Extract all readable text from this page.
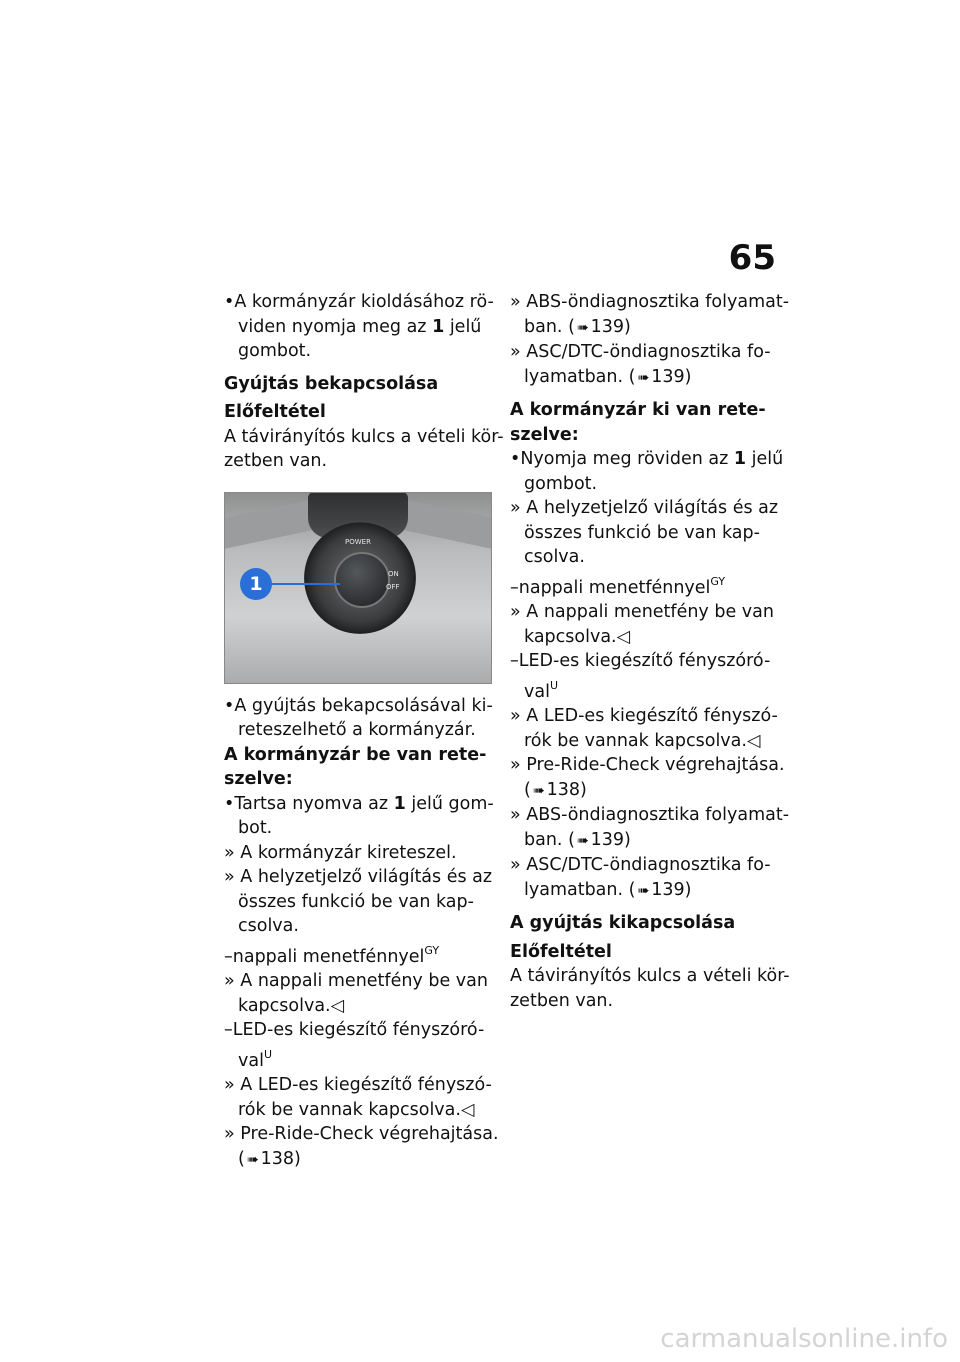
65
•A kormányzár kioldásához rö-
viden nyomja meg az 1 jelű
gombot.
Gyújtás bekapcsolása
Előfeltétel
A távirányítós kulcs a vételi kör-
zetben van.
POWER
ON
OFF
1
•A gyújtás bekapcsolásával ki-
reteszelhető a kormányzár.
A kormányzár be van rete-
szelve:
•Tartsa nyomva az 1 jelű gom-
bot.
» A kormányzár kireteszel.
» A helyzetjelző világítás és az
összes funkció be van kap-
csolva.
–nappali menetfénnyel$^{GY}$
» A nappali menetfény be van
kapcsolva.◁
–LED-es kiegészítő fényszóró-
val$^U$
» A LED-es kiegészítő fényszó-
rók be vannak kapcsolva.◁
» Pre-Ride-Check végrehajtása.
( ➠ 138)
» ABS-öndiagnosztika folyamat-
ban. ( ➠ 139)
» ASC/DTC-öndiagnosztika fo-
lyamatban. ( ➠ 139)
A kormányzár ki van rete-
szelve:
•Nyomja meg röviden az 1 jelű
gombot.
» A helyzetjelző világítás és az
összes funkció be van kap-
csolva.
–nappali menetfénnyel$^{GY}$
» A nappali menetfény be van
kapcsolva.◁
–LED-es kiegészítő fényszóró-
val$^U$
» A LED-es kiegészítő fényszó-
rók be vannak kapcsolva.◁
» Pre-Ride-Check végrehajtása.
( ➠ 138)
» ABS-öndiagnosztika folyamat-
ban. ( ➠ 139)
» ASC/DTC-öndiagnosztika fo-
lyamatban. ( ➠ 139)
A gyújtás kikapcsolása
Előfeltétel
A távirányítós kulcs a vételi kör-
zetben van.
carmanualsonline.info
